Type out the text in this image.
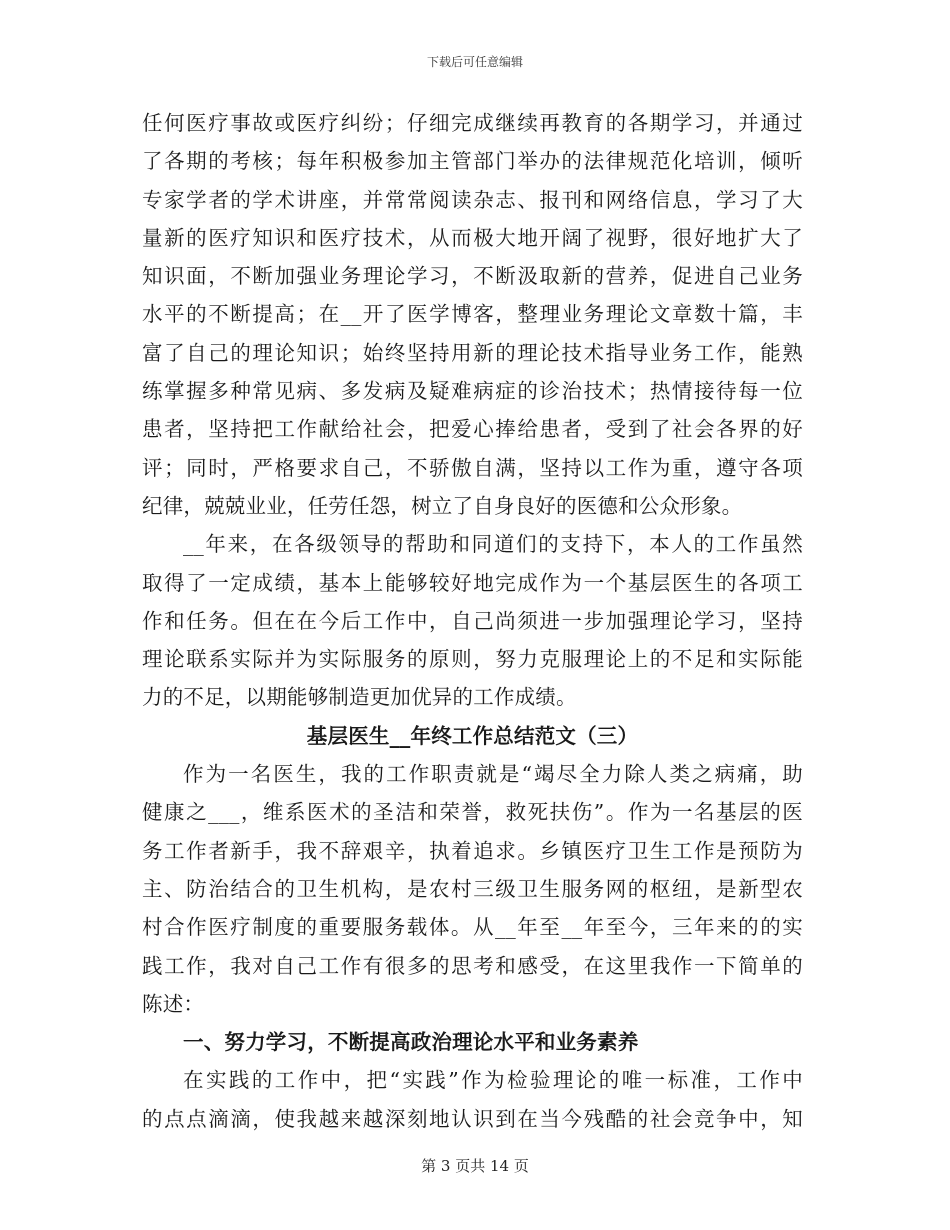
下载后可任意编辑
任何医疗事故或医疗纠纷；仔细完成继续再教育的各期学习，并通过
了各期的考核；每年积极参加主管部门举办的法律规范化培训，倾听
专家学者的学术讲座，并常常阅读杂志、报刊和网络信息，学习了大
量新的医疗知识和医疗技术，从而极大地开阔了视野，很好地扩大了
知识面，不断加强业务理论学习，不断汲取新的营养，促进自己业务
水平的不断提高；在__开了医学博客，整理业务理论文章数十篇，丰
富了自己的理论知识；始终坚持用新的理论技术指导业务工作，能熟
练掌握多种常见病、多发病及疑难病症的诊治技术；热情接待每一位
患者，坚持把工作献给社会，把爱心捧给患者，受到了社会各界的好
评；同时，严格要求自己，不骄傲自满，坚持以工作为重，遵守各项
纪律，兢兢业业，任劳任怨，树立了自身良好的医德和公众形象。
__年来，在各级领导的帮助和同道们的支持下，本人的工作虽然
取得了一定成绩，基本上能够较好地完成作为一个基层医生的各项工
作和任务。但在在今后工作中，自己尚须进一步加强理论学习，坚持
理论联系实际并为实际服务的原则，努力克服理论上的不足和实际能
力的不足，以期能够制造更加优异的工作成绩。
基层医生__年终工作总结范文（三）
作为一名医生，我的工作职责就是“竭尽全力除人类之病痛，助
健康之___，维系医术的圣洁和荣誉，救死扶伤”。作为一名基层的医
务工作者新手，我不辞艰辛，执着追求。乡镇医疗卫生工作是预防为
主、防治结合的卫生机构，是农村三级卫生服务网的枢纽，是新型农
村合作医疗制度的重要服务载体。从__年至__年至今，三年来的的实
践工作，我对自己工作有很多的思考和感受，在这里我作一下简单的
陈述：
一、努力学习，不断提高政治理论水平和业务素养
在实践的工作中，把“实践”作为检验理论的唯一标准，工作中
的点点滴滴，使我越来越深刻地认识到在当今残酷的社会竞争中，知
第 3 页共 14 页
